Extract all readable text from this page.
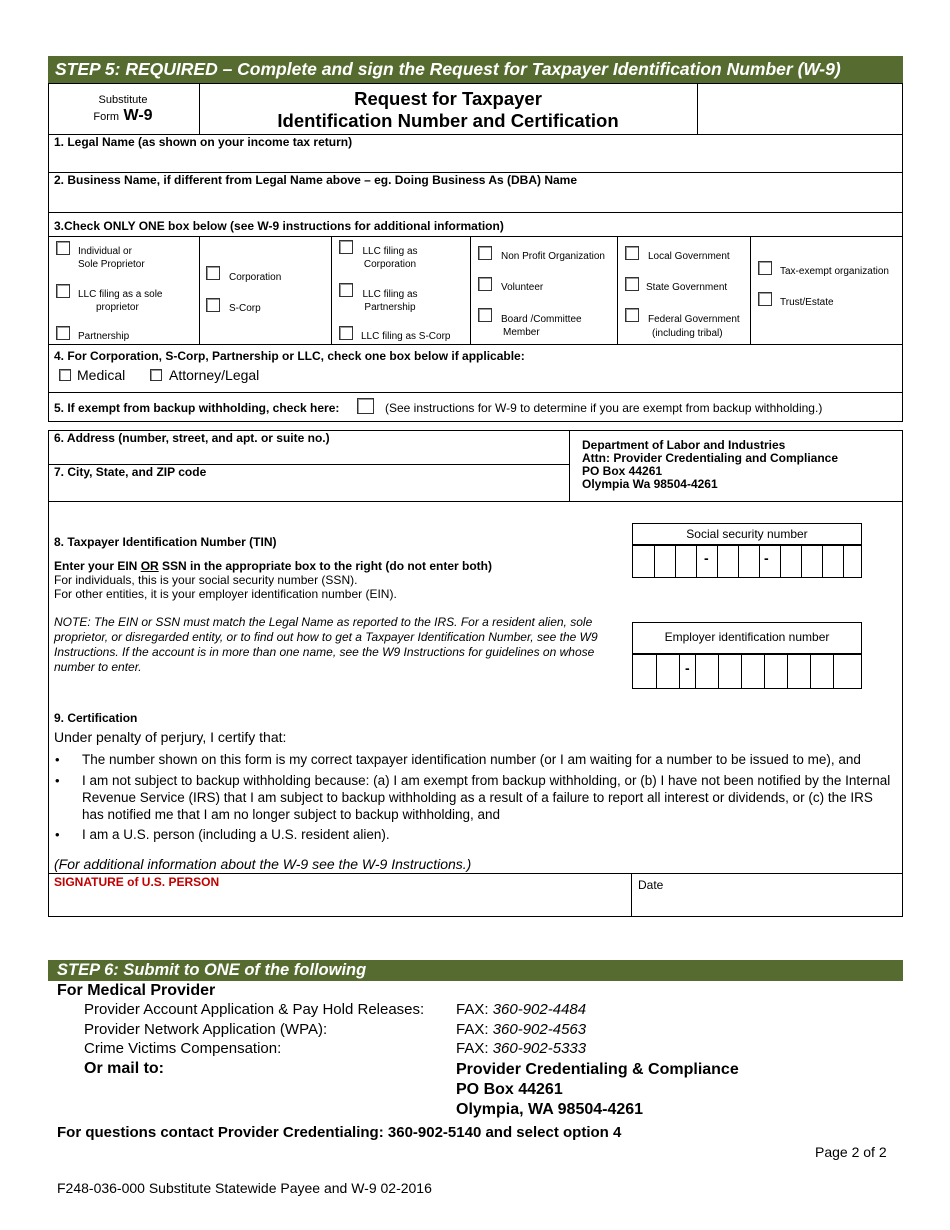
STEP 5: REQUIRED – Complete and sign the Request for Taxpayer Identification Number (W-9)
Substitute
Form W-9
Request for Taxpayer
Identification Number and Certification
1. Legal Name (as shown on your income tax return)
2. Business Name, if different from Legal Name above – eg. Doing Business As (DBA) Name
3.Check ONLY ONE box below (see W-9 instructions for additional information)
Individual or
Sole Proprietor
LLC filing as a sole
proprietor
Partnership
Corporation
S-Corp
LLC filing as
Corporation
LLC filing as
Partnership
LLC filing as S-Corp
Non Profit Organization
Volunteer
Board /Committee
Member
Local Government
State Government
Federal Government
(including tribal)
Tax-exempt organization
Trust/Estate
4. For Corporation, S-Corp, Partnership or LLC, check one box below if applicable:
Medical	Attorney/Legal
5. If exempt from backup withholding, check here:	(See instructions for W-9 to determine if you are exempt from backup withholding.)
6. Address (number, street, and apt. or suite no.)
7. City, State, and ZIP code
Department of Labor and Industries
Attn: Provider Credentialing and Compliance
PO Box 44261
Olympia Wa 98504-4261
8. Taxpayer Identification Number (TIN)
Enter your EIN OR SSN in the appropriate box to the right (do not enter both)
For individuals, this is your social security number (SSN).
For other entities, it is your employer identification number (EIN).
NOTE: The EIN or SSN must match the Legal Name as reported to the IRS. For a resident alien, sole proprietor, or disregarded entity, or to find out how to get a Taxpayer Identification Number, see the W9 Instructions. If the account is in more than one name, see the W9 Instructions for guidelines on whose number to enter.
Social security number
-	-
Employer identification number
-
9. Certification
Under penalty of perjury, I certify that:
• The number shown on this form is my correct taxpayer identification number (or I am waiting for a number to be issued to me), and
• I am not subject to backup withholding because: (a) I am exempt from backup withholding, or (b) I have not been notified by the Internal Revenue Service (IRS) that I am subject to backup withholding as a result of a failure to report all interest or dividends, or (c) the IRS has notified me that I am no longer subject to backup withholding, and
• I am a U.S. person (including a U.S. resident alien).
(For additional information about the W-9 see the W-9 Instructions.)
SIGNATURE of U.S. PERSON	Date
STEP 6: Submit to ONE of the following
For Medical Provider
Provider Account Application & Pay Hold Releases: FAX: 360-902-4484
Provider Network Application (WPA):	FAX: 360-902-4563
Crime Victims Compensation:	FAX: 360-902-5333
Or mail to:	Provider Credentialing & Compliance
PO Box 44261
Olympia, WA 98504-4261
For questions contact Provider Credentialing: 360-902-5140 and select option 4
Page 2 of 2
F248-036-000 Substitute Statewide Payee and W-9 02-2016
